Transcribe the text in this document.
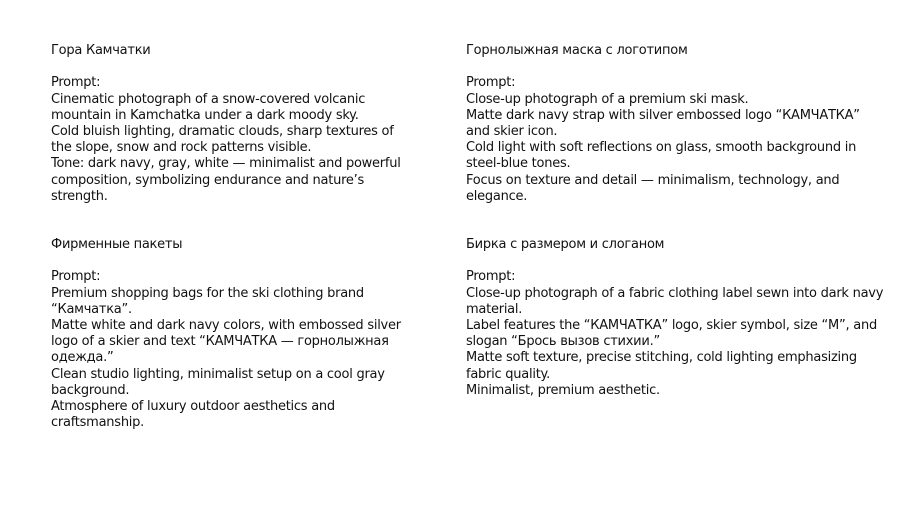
Гора Камчатки

Prompt:

Cinematic photograph of a snow-covered volcanic mountain in Kamchatka under a dark moody sky.

Cold bluish lighting, dramatic clouds, sharp textures of the slope, snow and rock patterns visible.

Tone: dark navy, gray, white — minimalist and powerful composition, symbolizing endurance and nature’s strength.

Горнолыжная маска с логотипом

Prompt:

Close-up photograph of a premium ski mask.

Matte dark navy strap with silver embossed logo “КАМЧАТКА” and skier icon.

Cold light with soft reflections on glass, smooth background in steel-blue tones.

Focus on texture and detail — minimalism, technology, and elegance.

Фирменные пакеты

Prompt:

Premium shopping bags for the ski clothing brand “Камчатка”.

Matte white and dark navy colors, with embossed silver logo of a skier and text “КАМЧАТКА — горнолыжная одежда.”

Clean studio lighting, minimalist setup on a cool gray background.

Atmosphere of luxury outdoor aesthetics and craftsmanship.

Бирка с размером и слоганом

Prompt:

Close-up photograph of a fabric clothing label sewn into dark navy material.

Label features the “КАМЧАТКА” logo, skier symbol, size “M”, and slogan “Брось вызов стихии.”

Matte soft texture, precise stitching, cold lighting emphasizing fabric quality.

Minimalist, premium aesthetic.
